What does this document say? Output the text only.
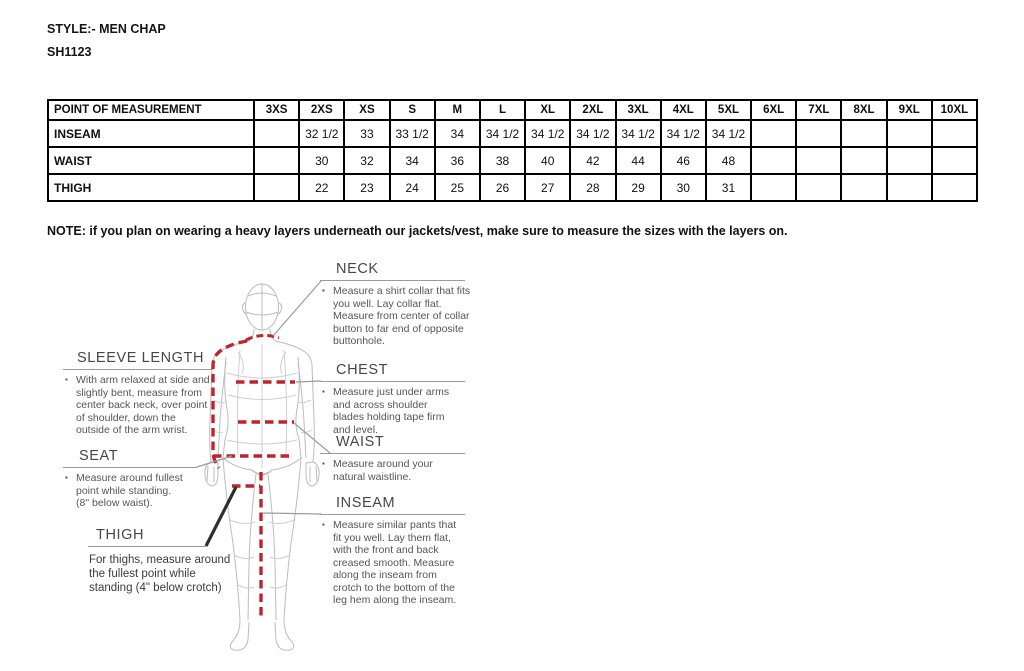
STYLE:- MEN CHAP
SH1123
POINT OF MEASUREMENT	3XS	2XS	XS	S	M	L	XL	2XL	3XL	4XL	5XL	6XL	7XL	8XL	9XL	10XL
INSEAM		32 1/2	33	33 1/2	34	34 1/2	34 1/2	34 1/2	34 1/2	34 1/2	34 1/2					
WAIST		30	32	34	36	38	40	42	44	46	48					
THIGH		22	23	24	25	26	27	28	29	30	31					
NOTE: if you plan on wearing a heavy layers underneath our jackets/vest, make sure to measure the sizes with the layers on.
NECK
▪ Measure a shirt collar that fits you well. Lay collar flat. Measure from center of collar button to far end of opposite buttonhole.
CHEST
▪ Measure just under arms and across shoulder blades holding tape firm and level.
WAIST
▪ Measure around your natural waistline.
INSEAM
▪ Measure similar pants that fit you well. Lay them flat, with the front and back creased smooth. Measure along the inseam from crotch to the bottom of the leg hem along the inseam.
SLEEVE LENGTH
▪ With arm relaxed at side and slightly bent, measure from center back neck, over point of shoulder, down the outside of the arm wrist.
SEAT
▪ Measure around fullest point while standing. (8" below waist).
THIGH
For thighs, measure around the fullest point while standing (4" below crotch)
